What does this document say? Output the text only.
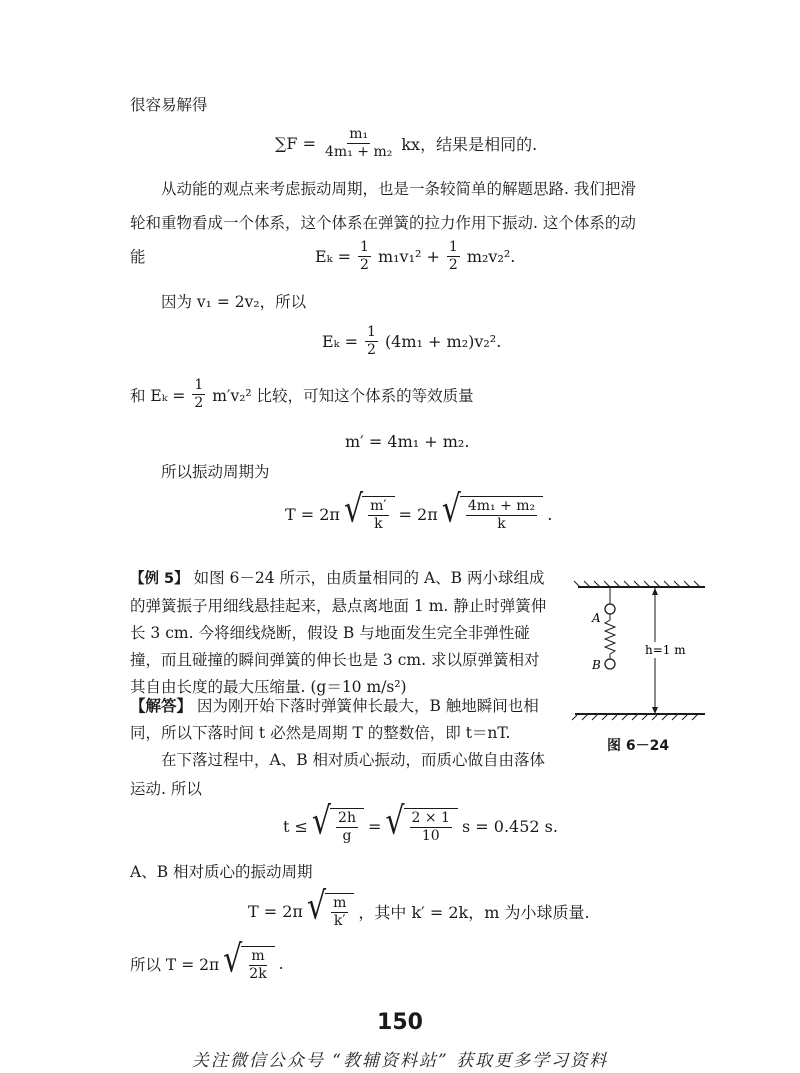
很容易解得
$\sum F = \frac{\text{m₁}}{\text{4m₁ + m₂}}$ kx，结果是相同的.
从动能的观点来考虑振动周期，也是一条较简单的解题思路. 我们把滑轮和重物看成一个体系，这个体系在弹簧的拉力作用下振动. 这个体系的动能	$E_k = \frac{1}{2} m_1v_1^2 + \frac{1}{2} m_2v_2^2$.
因为 v₁ = 2v₂，所以
$E_k = \frac{1}{2} (4m_1 + m_2)v_2^2$.
和 $E_k = \frac{1}{2} m'v_2^2$ 比较，可知这个体系的等效质量
m′ = 4m₁ + m₂.
所以振动周期为
T = 2π √ $\frac{m'}{k} = 2\pi$ √ $\frac{\text{4m₁ + m₂}}{k}$ .
【例 5】 如图 6－24 所示，由质量相同的 A、B 两小球组成的弹簧振子用细线悬挂起来，悬点离地面 1 m. 静止时弹簧伸长 3 cm. 今将细线烧断，假设 B 与地面发生完全非弹性碰撞，而且碰撞的瞬间弹簧的伸长也是 3 cm. 求以原弹簧相对其自由长度的最大压缩量. (g＝10 m/s²)
【解答】 因为刚开始下落时弹簧伸长最大，B 触地瞬间也相同，所以下落时间 t 必然是周期 T 的整数倍，即 t＝nT.
在下落过程中，A、B 相对质心振动，而质心做自由落体运动. 所以
t ≤ √ $\frac{2h}{g}$ = √ $\frac{2 \times 1}{10}$ s = 0.452 s.
A、B 相对质心的振动周期
T = 2π √ $\frac{m}{k'}$ ，其中 k′ = 2k，m 为小球质量.
所以 T = 2π √ $\frac{m}{2k}$ .
A
B
h=1 m
图 6－24
150
关注微信公众号 “教辅资料站” 获取更多学习资料
